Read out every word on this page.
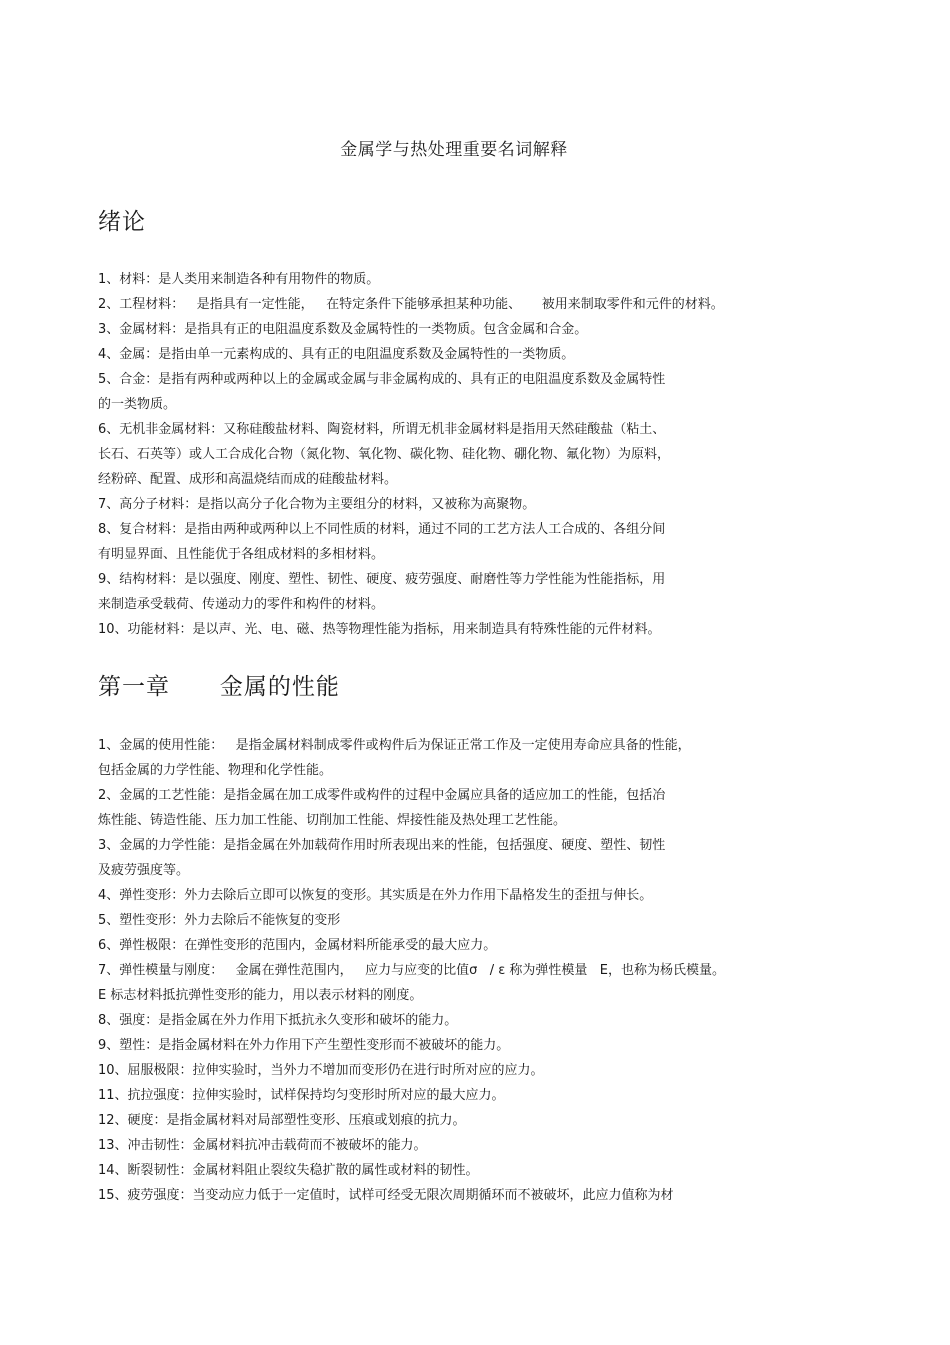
金属学与热处理重要名词解释
绪论
1、材料：是人类用来制造各种有用物件的物质。
2、工程材料：   是指具有一定性能，   在特定条件下能够承担某种功能、     被用来制取零件和元件的材料。
3、金属材料：是指具有正的电阻温度系数及金属特性的一类物质。包含金属和合金。
4、金属：是指由单一元素构成的、具有正的电阻温度系数及金属特性的一类物质。
5、合金：是指有两种或两种以上的金属或金属与非金属构成的、具有正的电阻温度系数及金属特性
的一类物质。
6、无机非金属材料：又称硅酸盐材料、陶瓷材料，所谓无机非金属材料是指用天然硅酸盐（粘土、
长石、石英等）或人工合成化合物（氮化物、氧化物、碳化物、硅化物、硼化物、氟化物）为原料，
经粉碎、配置、成形和高温烧结而成的硅酸盐材料。
7、高分子材料：是指以高分子化合物为主要组分的材料，又被称为高聚物。
8、复合材料：是指由两种或两种以上不同性质的材料，通过不同的工艺方法人工合成的、各组分间
有明显界面、且性能优于各组成材料的多相材料。
9、结构材料：是以强度、刚度、塑性、韧性、硬度、疲劳强度、耐磨性等力学性能为性能指标，用
来制造承受载荷、传递动力的零件和构件的材料。
10、功能材料：是以声、光、电、磁、热等物理性能为指标，用来制造具有特殊性能的元件材料。
第一章      金属的性能
1、金属的使用性能：   是指金属材料制成零件或构件后为保证正常工作及一定使用寿命应具备的性能，
包括金属的力学性能、物理和化学性能。
2、金属的工艺性能：是指金属在加工成零件或构件的过程中金属应具备的适应加工的性能，包括冶
炼性能、铸造性能、压力加工性能、切削加工性能、焊接性能及热处理工艺性能。
3、金属的力学性能：是指金属在外加载荷作用时所表现出来的性能，包括强度、硬度、塑性、韧性
及疲劳强度等。
4、弹性变形：外力去除后立即可以恢复的变形。其实质是在外力作用下晶格发生的歪扭与伸长。
5、塑性变形：外力去除后不能恢复的变形
6、弹性极限：在弹性变形的范围内，金属材料所能承受的最大应力。
7、弹性模量与刚度：   金属在弹性范围内，   应力与应变的比值σ   / ε 称为弹性模量   E，也称为杨氏模量。
E 标志材料抵抗弹性变形的能力，用以表示材料的刚度。
8、强度：是指金属在外力作用下抵抗永久变形和破坏的能力。
9、塑性：是指金属材料在外力作用下产生塑性变形而不被破坏的能力。
10、屈服极限：拉伸实验时，当外力不增加而变形仍在进行时所对应的应力。
11、抗拉强度：拉伸实验时，试样保持均匀变形时所对应的最大应力。
12、硬度：是指金属材料对局部塑性变形、压痕或划痕的抗力。
13、冲击韧性：金属材料抗冲击载荷而不被破坏的能力。
14、断裂韧性：金属材料阻止裂纹失稳扩散的属性或材料的韧性。
15、疲劳强度：当变动应力低于一定值时，试样可经受无限次周期循环而不被破坏，此应力值称为材
